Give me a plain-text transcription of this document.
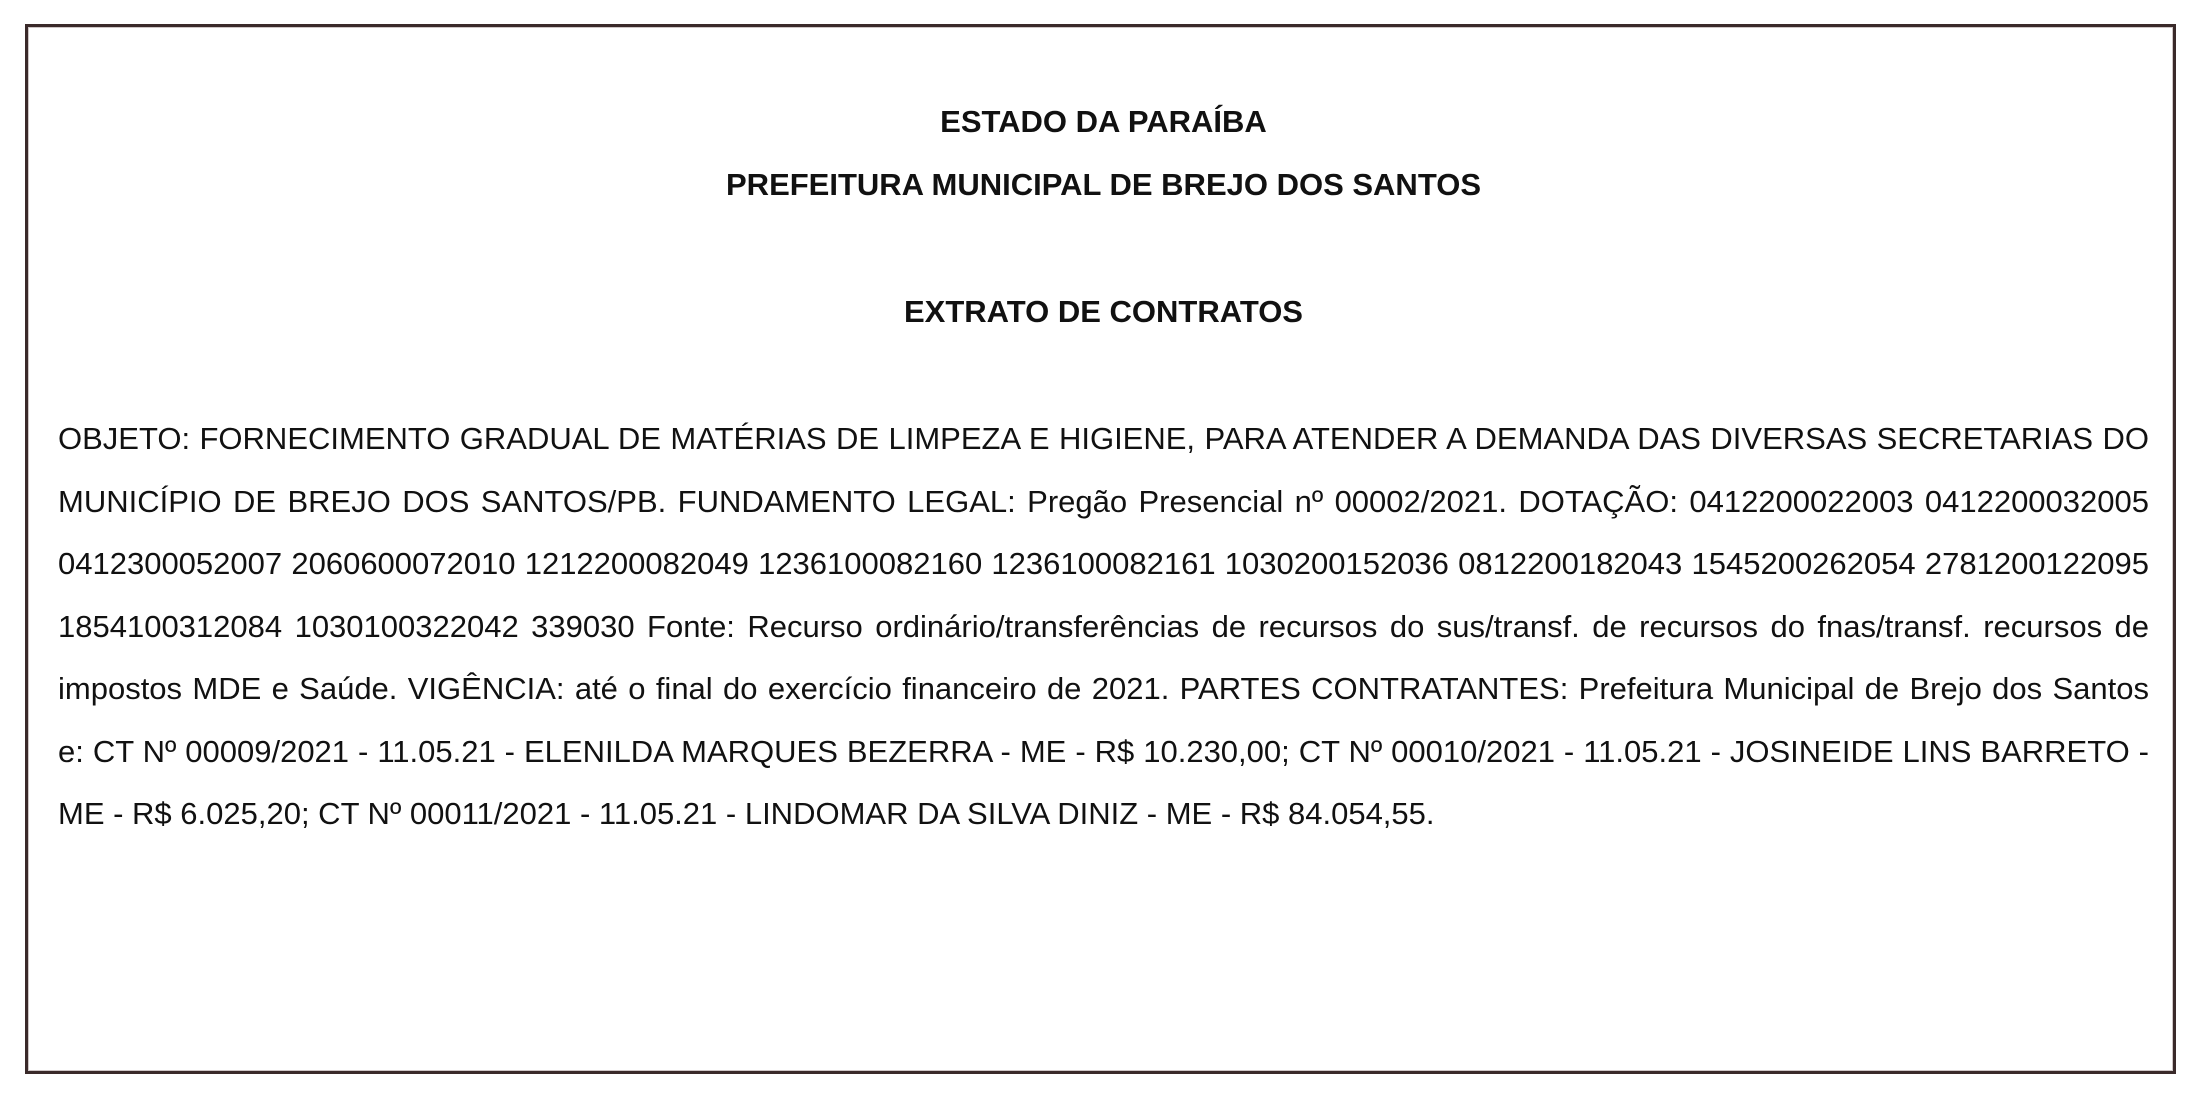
ESTADO DA PARAÍBA
PREFEITURA MUNICIPAL DE BREJO DOS SANTOS
EXTRATO DE CONTRATOS

OBJETO: FORNECIMENTO GRADUAL DE MATÉRIAS DE LIMPEZA E HIGIENE, PARA ATENDER A DEMANDA DAS DIVERSAS SECRETARIAS DO MUNICÍPIO DE BREJO DOS SANTOS/PB. FUNDAMENTO LEGAL: Pregão Presencial nº 00002/2021. DOTAÇÃO: 0412200022003 0412200032005 0412300052007 2060600072010 1212200082049 1236100082160 1236100082161 1030200152036 0812200182043 1545200262054 2781200122095 1854100312084 1030100322042 339030 Fonte: Recurso ordinário/transferências de recursos do sus/transf. de recursos do fnas/transf. recursos de impostos MDE e Saúde. VIGÊNCIA: até o final do exercício financeiro de 2021. PARTES CONTRATANTES: Prefeitura Municipal de Brejo dos Santos e: CT Nº 00009/2021 - 11.05.21 - ELENILDA MARQUES BEZERRA - ME - R$ 10.230,00; CT Nº 00010/2021 - 11.05.21 - JOSINEIDE LINS BARRETO - ME - R$ 6.025,20; CT Nº 00011/2021 - 11.05.21 - LINDOMAR DA SILVA DINIZ - ME - R$ 84.054,55.
